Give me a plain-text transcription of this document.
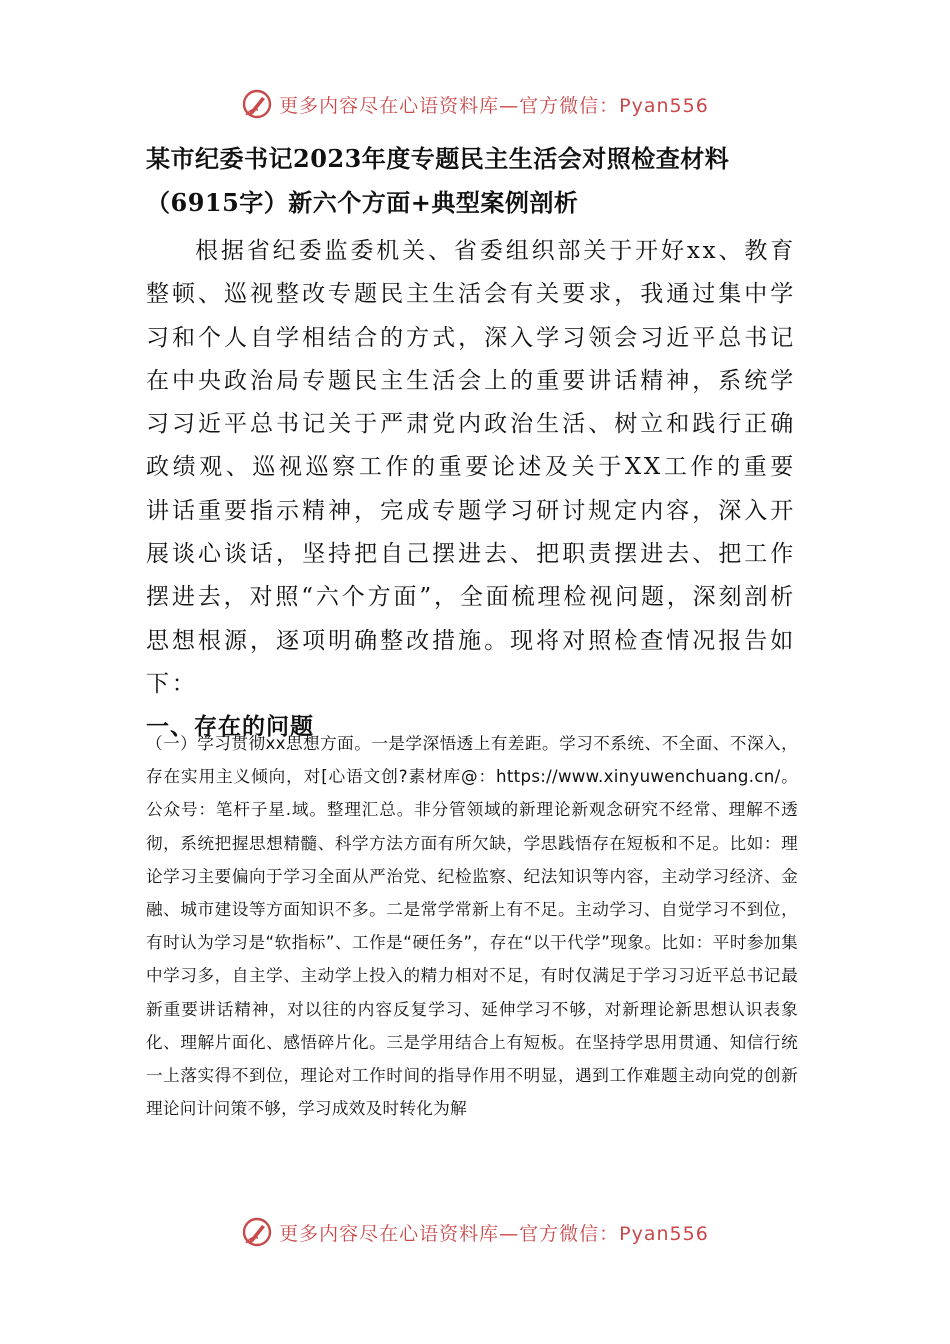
更多内容尽在心语资料库—官方微信：Pyan556
某市纪委书记2023年度专题民主生活会对照检查材料
（6915字）新六个方面+典型案例剖析

根据省纪委监委机关、省委组织部关于开好xx、教育整顿、巡视整改专题民主生活会有关要求，我通过集中学习和个人自学相结合的方式，深入学习领会习近平总书记在中央政治局专题民主生活会上的重要讲话精神，系统学习习近平总书记关于严肃党内政治生活、树立和践行正确政绩观、巡视巡察工作的重要论述及关于XX工作的重要讲话重要指示精神，完成专题学习研讨规定内容，深入开展谈心谈话，坚持把自己摆进去、把职责摆进去、把工作摆进去，对照“六个方面”，全面梳理检视问题，深刻剖析思想根源，逐项明确整改措施。现将对照检查情况报告如下：

一、存在的问题

（一）学习贯彻xx思想方面。一是学深悟透上有差距。学习不系统、不全面、不深入，存在实用主义倾向，对[心语文创?素材库@：https://www.xinyuwenchuang.cn/。公众号：笔杆子星.域。整理汇总。非分管领域的新理论新观念研究不经常、理解不透彻，系统把握思想精髓、科学方法方面有所欠缺，学思践悟存在短板和不足。比如：理论学习主要偏向于学习全面从严治党、纪检监察、纪法知识等内容，主动学习经济、金融、城市建设等方面知识不多。二是常学常新上有不足。主动学习、自觉学习不到位，有时认为学习是“软指标”、工作是“硬任务”，存在“以干代学”现象。比如：平时参加集中学习多，自主学、主动学上投入的精力相对不足，有时仅满足于学习习近平总书记最新重要讲话精神，对以往的内容反复学习、延伸学习不够，对新理论新思想认识表象化、理解片面化、感悟碎片化。三是学用结合上有短板。在坚持学思用贯通、知信行统一上落实得不到位，理论对工作时间的指导作用不明显，遇到工作难题主动向党的创新理论问计问策不够，学习成效及时转化为解

更多内容尽在心语资料库—官方微信：Pyan556
